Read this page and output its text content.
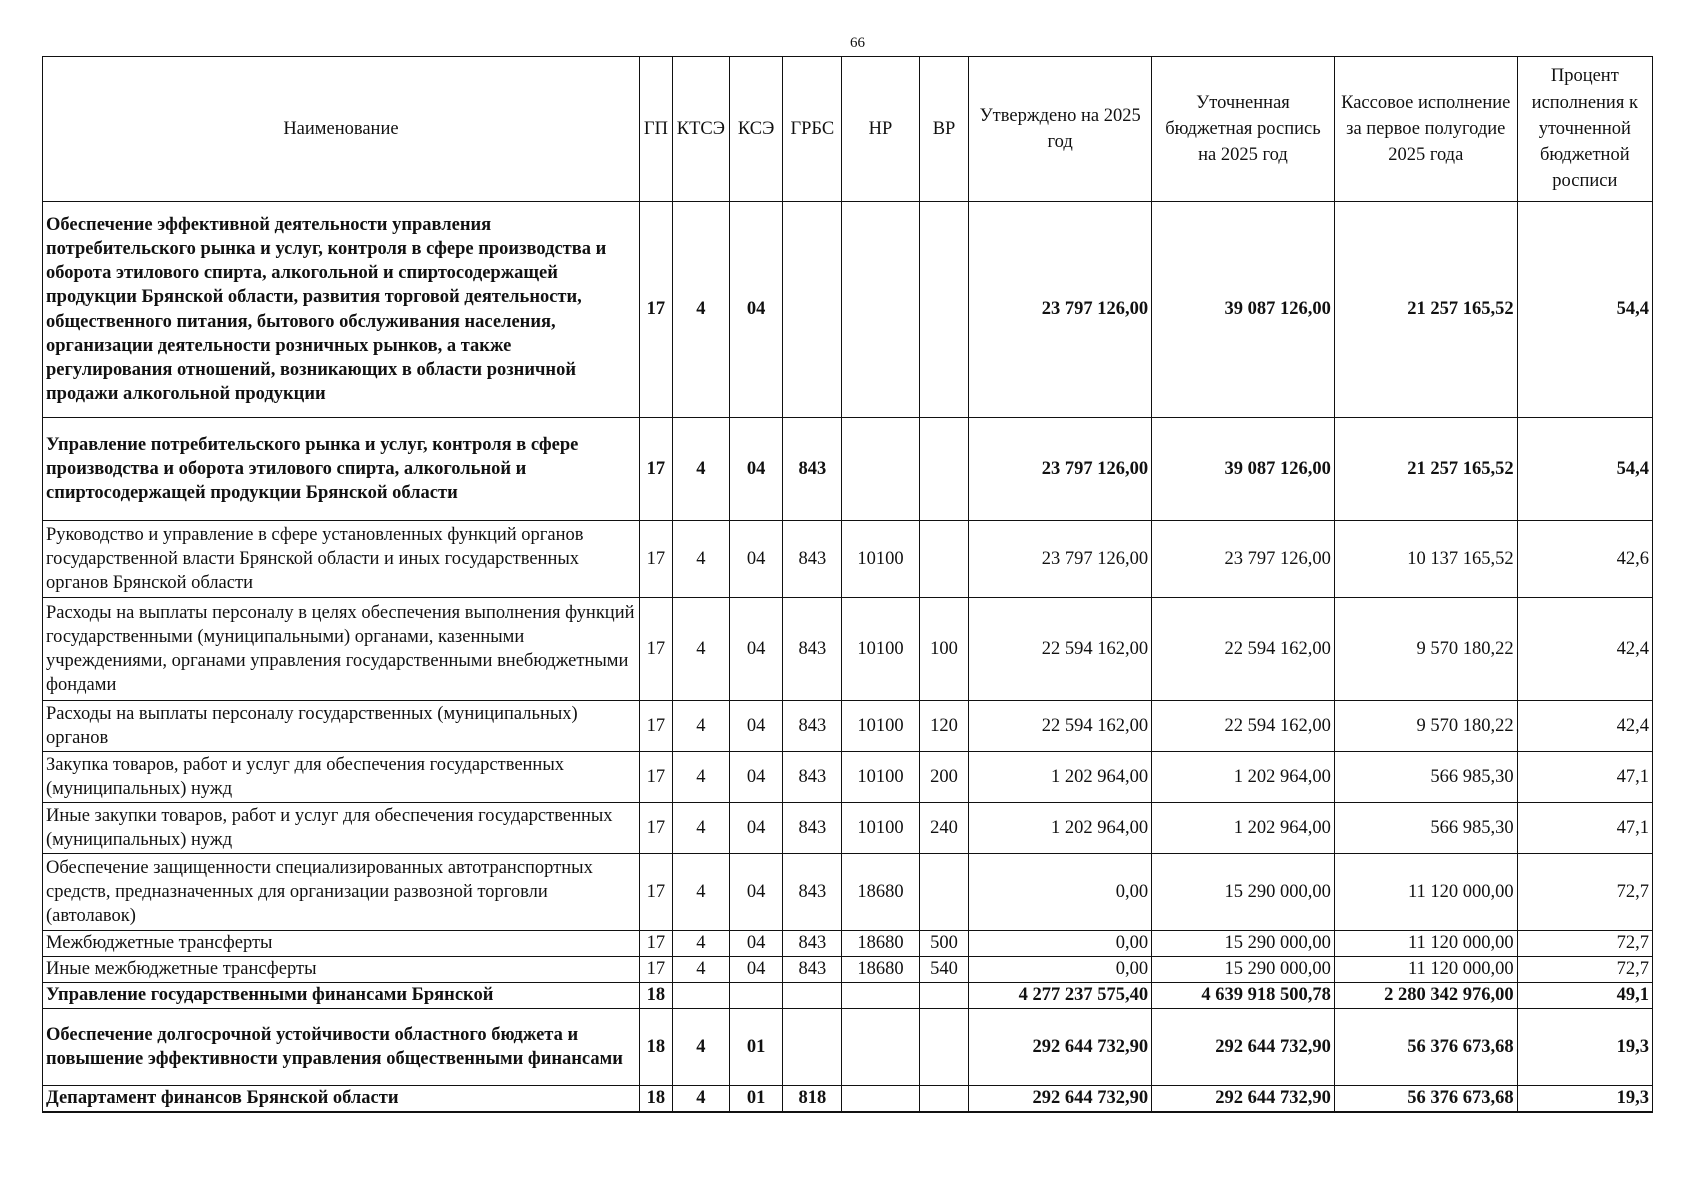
66
Наименование	ГП	КТСЭ	КСЭ	ГРБС	НР	ВР	Утверждено на 2025 год	Уточненная бюджетная роспись на 2025 год	Кассовое исполнение за первое полугодие 2025 года	Процент исполнения к уточненной бюджетной росписи
Обеспечение эффективной деятельности управления потребительского рынка и услуг, контроля в сфере производства и оборота этилового спирта, алкогольной и спиртосодержащей продукции Брянской области, развития торговой деятельности, общественного питания, бытового обслуживания населения, организации деятельности розничных рынков, а также регулирования отношений, возникающих в области розничной продажи алкогольной продукции	17	4	04				23 797 126,00	39 087 126,00	21 257 165,52	54,4
Управление потребительского рынка и услуг, контроля в сфере производства и оборота этилового спирта, алкогольной и спиртосодержащей продукции Брянской области	17	4	04	843			23 797 126,00	39 087 126,00	21 257 165,52	54,4
Руководство и управление в сфере установленных функций органов государственной власти Брянской области и иных государственных органов Брянской области	17	4	04	843	10100		23 797 126,00	23 797 126,00	10 137 165,52	42,6
Расходы на выплаты персоналу в целях обеспечения выполнения функций государственными (муниципальными) органами, казенными учреждениями, органами управления государственными внебюджетными фондами	17	4	04	843	10100	100	22 594 162,00	22 594 162,00	9 570 180,22	42,4
Расходы на выплаты персоналу государственных (муниципальных) органов	17	4	04	843	10100	120	22 594 162,00	22 594 162,00	9 570 180,22	42,4
Закупка товаров, работ и услуг для обеспечения государственных (муниципальных) нужд	17	4	04	843	10100	200	1 202 964,00	1 202 964,00	566 985,30	47,1
Иные закупки товаров, работ и услуг для обеспечения государственных (муниципальных) нужд	17	4	04	843	10100	240	1 202 964,00	1 202 964,00	566 985,30	47,1
Обеспечение защищенности специализированных автотранспортных средств, предназначенных для организации развозной торговли (автолавок)	17	4	04	843	18680		0,00	15 290 000,00	11 120 000,00	72,7
Межбюджетные трансферты	17	4	04	843	18680	500	0,00	15 290 000,00	11 120 000,00	72,7
Иные межбюджетные трансферты	17	4	04	843	18680	540	0,00	15 290 000,00	11 120 000,00	72,7
Управление государственными финансами Брянской	18						4 277 237 575,40	4 639 918 500,78	2 280 342 976,00	49,1
Обеспечение долгосрочной устойчивости областного бюджета и повышение эффективности управления общественными финансами	18	4	01				292 644 732,90	292 644 732,90	56 376 673,68	19,3
Департамент финансов Брянской области	18	4	01	818			292 644 732,90	292 644 732,90	56 376 673,68	19,3
